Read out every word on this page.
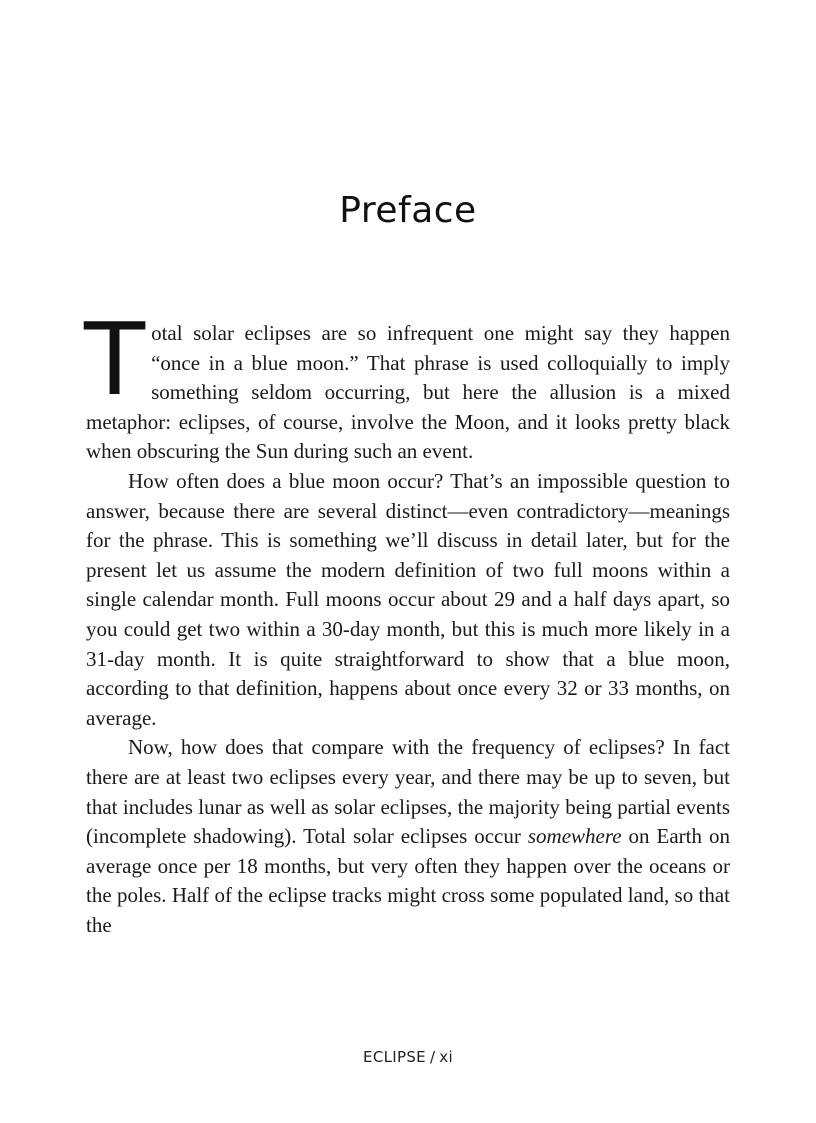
Preface

Total solar eclipses are so infrequent one might say they happen “once in a blue moon.” That phrase is used colloquially to imply something seldom occurring, but here the allusion is a mixed metaphor: eclipses, of course, involve the Moon, and it looks pretty black when obscuring the Sun during such an event.

How often does a blue moon occur? That’s an impossible question to answer, because there are several distinct—even contradictory—meanings for the phrase. This is something we’ll discuss in detail later, but for the present let us assume the modern definition of two full moons within a single calendar month. Full moons occur about 29 and a half days apart, so you could get two within a 30-day month, but this is much more likely in a 31-day month. It is quite straightforward to show that a blue moon, according to that definition, happens about once every 32 or 33 months, on average.

Now, how does that compare with the frequency of eclipses? In fact there are at least two eclipses every year, and there may be up to seven, but that includes lunar as well as solar eclipses, the majority being partial events (incomplete shadowing). Total solar eclipses occur somewhere on Earth on average once per 18 months, but very often they happen over the oceans or the poles. Half of the eclipse tracks might cross some populated land, so that the

ECLIPSE / xi
